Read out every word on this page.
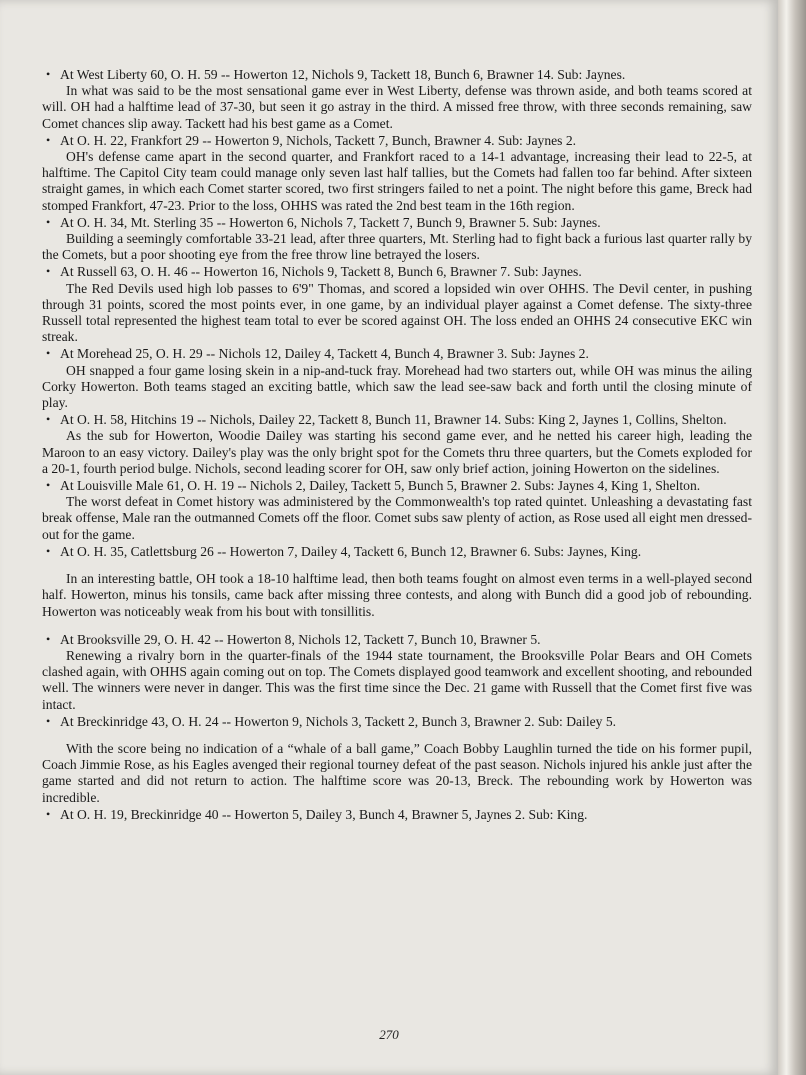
• At West Liberty 60, O. H. 59 -- Howerton 12, Nichols 9, Tackett 18, Bunch 6, Brawner 14. Sub: Jaynes.

In what was said to be the most sensational game ever in West Liberty, defense was thrown aside, and both teams scored at will. OH had a halftime lead of 37-30, but seen it go astray in the third. A missed free throw, with three seconds remaining, saw Comet chances slip away. Tackett had his best game as a Comet.

• At O. H. 22, Frankfort 29 -- Howerton 9, Nichols, Tackett 7, Bunch, Brawner 4. Sub: Jaynes 2.

OH's defense came apart in the second quarter, and Frankfort raced to a 14-1 advantage, increasing their lead to 22-5, at halftime. The Capitol City team could manage only seven last half tallies, but the Comets had fallen too far behind. After sixteen straight games, in which each Comet starter scored, two first stringers failed to net a point. The night before this game, Breck had stomped Frankfort, 47-23. Prior to the loss, OHHS was rated the 2nd best team in the 16th region.

• At O. H. 34, Mt. Sterling 35 -- Howerton 6, Nichols 7, Tackett 7, Bunch 9, Brawner 5. Sub: Jaynes.

Building a seemingly comfortable 33-21 lead, after three quarters, Mt. Sterling had to fight back a furious last quarter rally by the Comets, but a poor shooting eye from the free throw line betrayed the losers.

• At Russell 63, O. H. 46 -- Howerton 16, Nichols 9, Tackett 8, Bunch 6, Brawner 7. Sub: Jaynes.

The Red Devils used high lob passes to 6'9" Thomas, and scored a lopsided win over OHHS. The Devil center, in pushing through 31 points, scored the most points ever, in one game, by an individual player against a Comet defense. The sixty-three Russell total represented the highest team total to ever be scored against OH. The loss ended an OHHS 24 consecutive EKC win streak.

• At Morehead 25, O. H. 29 -- Nichols 12, Dailey 4, Tackett 4, Bunch 4, Brawner 3. Sub: Jaynes 2.

OH snapped a four game losing skein in a nip-and-tuck fray. Morehead had two starters out, while OH was minus the ailing Corky Howerton. Both teams staged an exciting battle, which saw the lead see-saw back and forth until the closing minute of play.

• At O. H. 58, Hitchins 19 -- Nichols, Dailey 22, Tackett 8, Bunch 11, Brawner 14. Subs: King 2, Jaynes 1, Collins, Shelton.

As the sub for Howerton, Woodie Dailey was starting his second game ever, and he netted his career high, leading the Maroon to an easy victory. Dailey's play was the only bright spot for the Comets thru three quarters, but the Comets exploded for a 20-1, fourth period bulge. Nichols, second leading scorer for OH, saw only brief action, joining Howerton on the sidelines.

• At Louisville Male 61, O. H. 19 -- Nichols 2, Dailey, Tackett 5, Bunch 5, Brawner 2. Subs: Jaynes 4, King 1, Shelton.

The worst defeat in Comet history was administered by the Commonwealth's top rated quintet. Unleashing a devastating fast break offense, Male ran the outmanned Comets off the floor. Comet subs saw plenty of action, as Rose used all eight men dressed-out for the game.

• At O. H. 35, Catlettsburg 26 -- Howerton 7, Dailey 4, Tackett 6, Bunch 12, Brawner 6. Subs: Jaynes, King.

In an interesting battle, OH took a 18-10 halftime lead, then both teams fought on almost even terms in a well-played second half. Howerton, minus his tonsils, came back after missing three contests, and along with Bunch did a good job of rebounding. Howerton was noticeably weak from his bout with tonsillitis.

• At Brooksville 29, O. H. 42 -- Howerton 8, Nichols 12, Tackett 7, Bunch 10, Brawner 5.

Renewing a rivalry born in the quarter-finals of the 1944 state tournament, the Brooksville Polar Bears and OH Comets clashed again, with OHHS again coming out on top. The Comets displayed good teamwork and excellent shooting, and rebounded well. The winners were never in danger. This was the first time since the Dec. 21 game with Russell that the Comet first five was intact.

• At Breckinridge 43, O. H. 24 -- Howerton 9, Nichols 3, Tackett 2, Bunch 3, Brawner 2. Sub: Dailey 5.

With the score being no indication of a “whale of a ball game,” Coach Bobby Laughlin turned the tide on his former pupil, Coach Jimmie Rose, as his Eagles avenged their regional tourney defeat of the past season. Nichols injured his ankle just after the game started and did not return to action. The halftime score was 20-13, Breck. The rebounding work by Howerton was incredible.

• At O. H. 19, Breckinridge 40 -- Howerton 5, Dailey 3, Bunch 4, Brawner 5, Jaynes 2. Sub: King.

270
